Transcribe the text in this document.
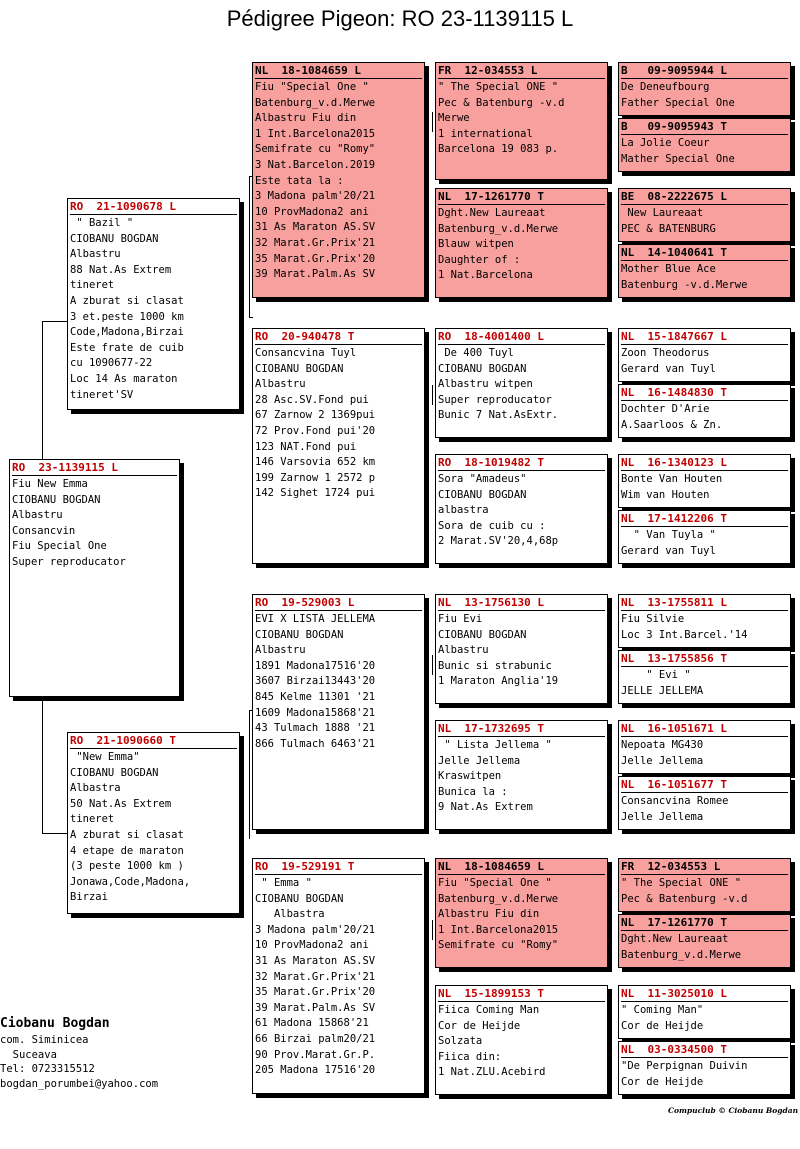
Pédigree Pigeon: RO 23-1139115 L
RO  23-1139115 L
Fiu New Emma
CIOBANU BOGDAN
Albastru
Consancvin
Fiu Special One
Super reproducator
RO  21-1090678 L
" Bazil "
CIOBANU BOGDAN
Albastru
88 Nat.As Extrem
tineret
A zburat si clasat
3 et.peste 1000 km
Code,Madona,Birzai
Este frate de cuib
cu 1090677-22
Loc 14 As maraton
tineret'SV
RO  21-1090660 T
"New Emma"
CIOBANU BOGDAN
Albastra
50 Nat.As Extrem
tineret
A zburat si clasat
4 etape de maraton
(3 peste 1000 km )
Jonawa,Code,Madona,
Birzai
NL  18-1084659 L
Fiu "Special One "
Batenburg_v.d.Merwe
Albastru Fiu din
1 Int.Barcelona2015
Semifrate cu "Romy"
3 Nat.Barcelon.2019
Este tata la :
3 Madona palm'20/21
10 ProvMadona2 ani
31 As Maraton AS.SV
32 Marat.Gr.Prix'21
35 Marat.Gr.Prix'20
39 Marat.Palm.As SV
RO  20-940478 T
Consancvina Tuyl
CIOBANU BOGDAN
Albastru
28 Asc.SV.Fond pui
67 Zarnow 2 1369pui
72 Prov.Fond pui'20
123 NAT.Fond pui
146 Varsovia 652 km
199 Zarnow 1 2572 p
142 Sighet 1724 pui
RO  19-529003 L
EVI X LISTA JELLEMA
CIOBANU BOGDAN
Albastru
1891 Madona17516'20
3607 Birzai13443'20
845 Kelme 11301 '21
1609 Madona15868'21
43 Tulmach 1888 '21
866 Tulmach 6463'21
RO  19-529191 T
" Emma "
CIOBANU BOGDAN
Albastra
3 Madona palm'20/21
10 ProvMadona2 ani
31 As Maraton AS.SV
32 Marat.Gr.Prix'21
35 Marat.Gr.Prix'20
39 Marat.Palm.As SV
61 Madona 15868'21
66 Birzai palm20/21
90 Prov.Marat.Gr.P.
205 Madona 17516'20
FR  12-034553 L
" The Special ONE "
Pec & Batenburg -v.d
Merwe
1 international
Barcelona 19 083 p.
NL  17-1261770 T
Dght.New Laureaat
Batenburg_v.d.Merwe
Blauw witpen
Daughter of :
1 Nat.Barcelona
RO  18-4001400 L
De 400 Tuyl
CIOBANU BOGDAN
Albastru witpen
Super reproducator
Bunic 7 Nat.AsExtr.
RO  18-1019482 T
Sora "Amadeus"
CIOBANU BOGDAN
albastra
Sora de cuib cu :
2 Marat.SV'20,4,68p
NL  13-1756130 L
Fiu Evi
CIOBANU BOGDAN
Albastru
Bunic si strabunic
1 Maraton Anglia'19
NL  17-1732695 T
" Lista Jellema "
Jelle Jellema
Kraswitpen
Bunica la :
9 Nat.As Extrem
NL  18-1084659 L
Fiu "Special One "
Batenburg_v.d.Merwe
Albastru Fiu din
1 Int.Barcelona2015
Semifrate cu "Romy"
NL  15-1899153 T
Fiica Coming Man
Cor de Heijde
Solzata
Fiica din:
1 Nat.ZLU.Acebird
B   09-9095944 L
De Deneufbourg
Father Special One
B   09-9095943 T
La Jolie Coeur
Mather Special One
BE  08-2222675 L
New Laureaat
PEC & BATENBURG
NL  14-1040641 T
Mother Blue Ace
Batenburg -v.d.Merwe
NL  15-1847667 L
Zoon Theodorus
Gerard van Tuyl
NL  16-1484830 T
Dochter D'Arie
A.Saarloos & Zn.
NL  16-1340123 L
Bonte Van Houten
Wim van Houten
NL  17-1412206 T
" Van Tuyla "
Gerard van Tuyl
NL  13-1755811 L
Fiu Silvie
Loc 3 Int.Barcel.'14
NL  13-1755856 T
" Evi "
JELLE JELLEMA
NL  16-1051671 L
Nepoata MG430
Jelle Jellema
NL  16-1051677 T
Consancvina Romee
Jelle Jellema
FR  12-034553 L
" The Special ONE "
Pec & Batenburg -v.d
NL  17-1261770 T
Dght.New Laureaat
Batenburg_v.d.Merwe
NL  11-3025010 L
" Coming Man"
Cor de Heijde
NL  03-0334500 T
"De Perpignan Duivin
Cor de Heijde
Ciobanu Bogdan
com. Siminicea
Suceava
Tel: 0723315512
bogdan_porumbei@yahoo.com
Compuclub © Ciobanu Bogdan
